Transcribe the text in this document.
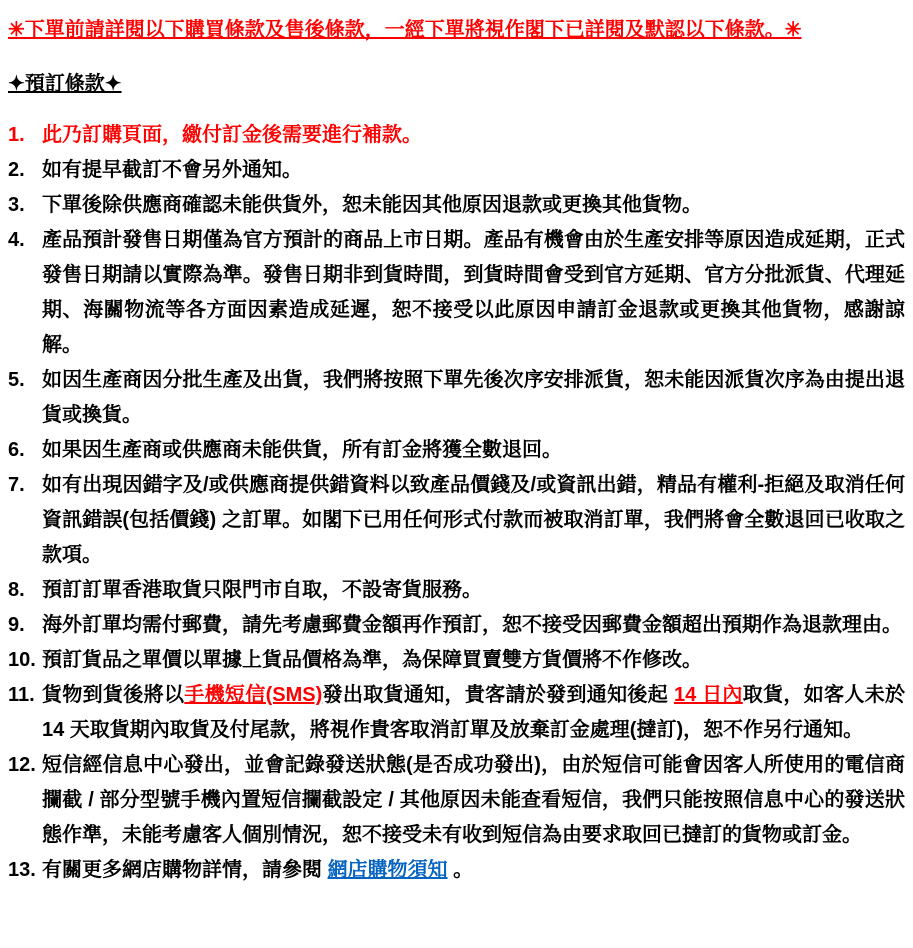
✳下單前請詳閱以下購買條款及售後條款，一經下單將視作閣下已詳閱及默認以下條款。✳
✦預訂條款✦
1. 此乃訂購頁面，繳付訂金後需要進行補款。
2. 如有提早截訂不會另外通知。
3. 下單後除供應商確認未能供貨外，恕未能因其他原因退款或更換其他貨物。
4. 產品預計發售日期僅為官方預計的商品上市日期。產品有機會由於生產安排等原因造成延期，正式發售日期請以實際為準。發售日期非到貨時間，到貨時間會受到官方延期、官方分批派貨、代理延期、海關物流等各方面因素造成延遲，恕不接受以此原因申請訂金退款或更換其他貨物，感謝諒解。
5. 如因生產商因分批生產及出貨，我們將按照下單先後次序安排派貨，恕未能因派貨次序為由提出退貨或換貨。
6. 如果因生產商或供應商未能供貨，所有訂金將獲全數退回。
7. 如有出現因錯字及/或供應商提供錯資料以致產品價錢及/或資訊出錯，精品有權利-拒絕及取消任何資訊錯誤(包括價錢) 之訂單。如閣下已用任何形式付款而被取消訂單，我們將會全數退回已收取之款項。
8. 預訂訂單香港取貨只限門市自取，不設寄貨服務。
9. 海外訂單均需付郵費，請先考慮郵費金額再作預訂，恕不接受因郵費金額超出預期作為退款理由。
10. 預訂貨品之單價以單據上貨品價格為準，為保障買賣雙方貨價將不作修改。
11. 貨物到貨後將以手機短信(SMS)發出取貨通知，貴客請於發到通知後起 14 日內取貨，如客人未於14 天取貨期內取貨及付尾款，將視作貴客取消訂單及放棄訂金處理(撻訂)，恕不作另行通知。
12. 短信經信息中心發出，並會記錄發送狀態(是否成功發出)，由於短信可能會因客人所使用的電信商攔截 / 部分型號手機內置短信攔截設定 / 其他原因未能查看短信，我們只能按照信息中心的發送狀態作準，未能考慮客人個別情況，恕不接受未有收到短信為由要求取回已撻訂的貨物或訂金。
13. 有關更多網店購物詳情，請參閱 網店購物須知 。
